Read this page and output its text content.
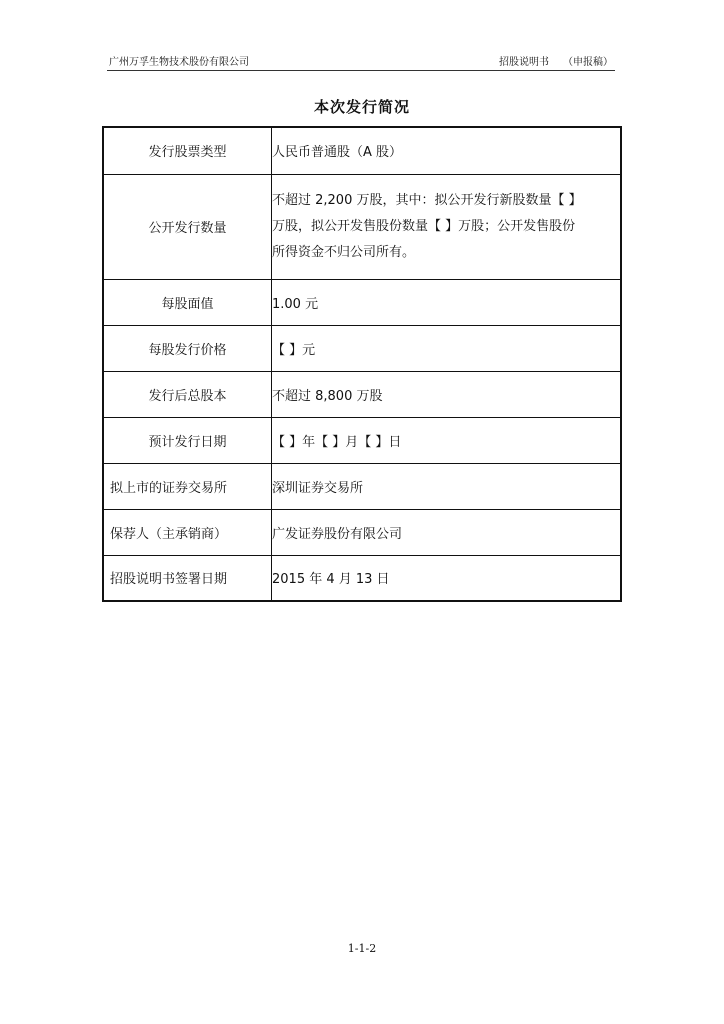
广州万孚生物技术股份有限公司	招股说明书 （申报稿）
本次发行简况
发行股票类型	人民币普通股（A 股）
公开发行数量	不超过 2,200 万股，其中：拟公开发行新股数量【 】
万股，拟公开发售股份数量【 】万股；公开发售股份
所得资金不归公司所有。

每股面值	1.00 元
每股发行价格	【 】元
发行后总股本	不超过 8,800 万股
预计发行日期	【 】年【 】月【 】日
拟上市的证券交易所	深圳证券交易所
保荐人（主承销商）	广发证券股份有限公司
招股说明书签署日期	2015 年 4 月 13 日
1-1-2
